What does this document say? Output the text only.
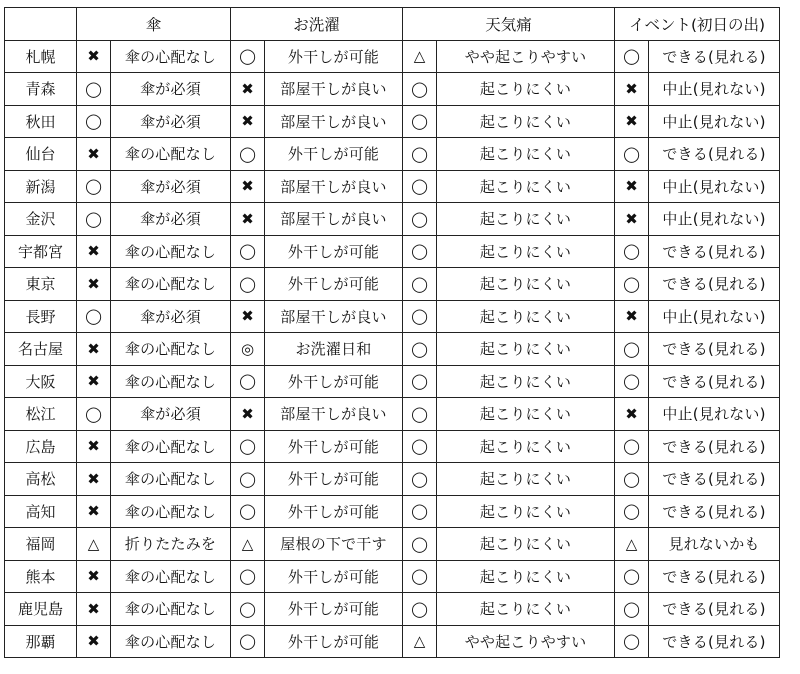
	傘		お洗濯		天気痛		イベント(初日の出)	
札幌	✖	傘の心配なし	◯	外干しが可能	△	やや起こりやすい	◯	できる(見れる)
青森	◯	傘が必須	✖	部屋干しが良い	◯	起こりにくい	✖	中止(見れない)
秋田	◯	傘が必須	✖	部屋干しが良い	◯	起こりにくい	✖	中止(見れない)
仙台	✖	傘の心配なし	◯	外干しが可能	◯	起こりにくい	◯	できる(見れる)
新潟	◯	傘が必須	✖	部屋干しが良い	◯	起こりにくい	✖	中止(見れない)
金沢	◯	傘が必須	✖	部屋干しが良い	◯	起こりにくい	✖	中止(見れない)
宇都宮	✖	傘の心配なし	◯	外干しが可能	◯	起こりにくい	◯	できる(見れる)
東京	✖	傘の心配なし	◯	外干しが可能	◯	起こりにくい	◯	できる(見れる)
長野	◯	傘が必須	✖	部屋干しが良い	◯	起こりにくい	✖	中止(見れない)
名古屋	✖	傘の心配なし	◎	お洗濯日和	◯	起こりにくい	◯	できる(見れる)
大阪	✖	傘の心配なし	◯	外干しが可能	◯	起こりにくい	◯	できる(見れる)
松江	◯	傘が必須	✖	部屋干しが良い	◯	起こりにくい	✖	中止(見れない)
広島	✖	傘の心配なし	◯	外干しが可能	◯	起こりにくい	◯	できる(見れる)
高松	✖	傘の心配なし	◯	外干しが可能	◯	起こりにくい	◯	できる(見れる)
高知	✖	傘の心配なし	◯	外干しが可能	◯	起こりにくい	◯	できる(見れる)
福岡	△	折りたたみを	△	屋根の下で干す	◯	起こりにくい	△	見れないかも
熊本	✖	傘の心配なし	◯	外干しが可能	◯	起こりにくい	◯	できる(見れる)
鹿児島	✖	傘の心配なし	◯	外干しが可能	◯	起こりにくい	◯	できる(見れる)
那覇	✖	傘の心配なし	◯	外干しが可能	△	やや起こりやすい	◯	できる(見れる)
